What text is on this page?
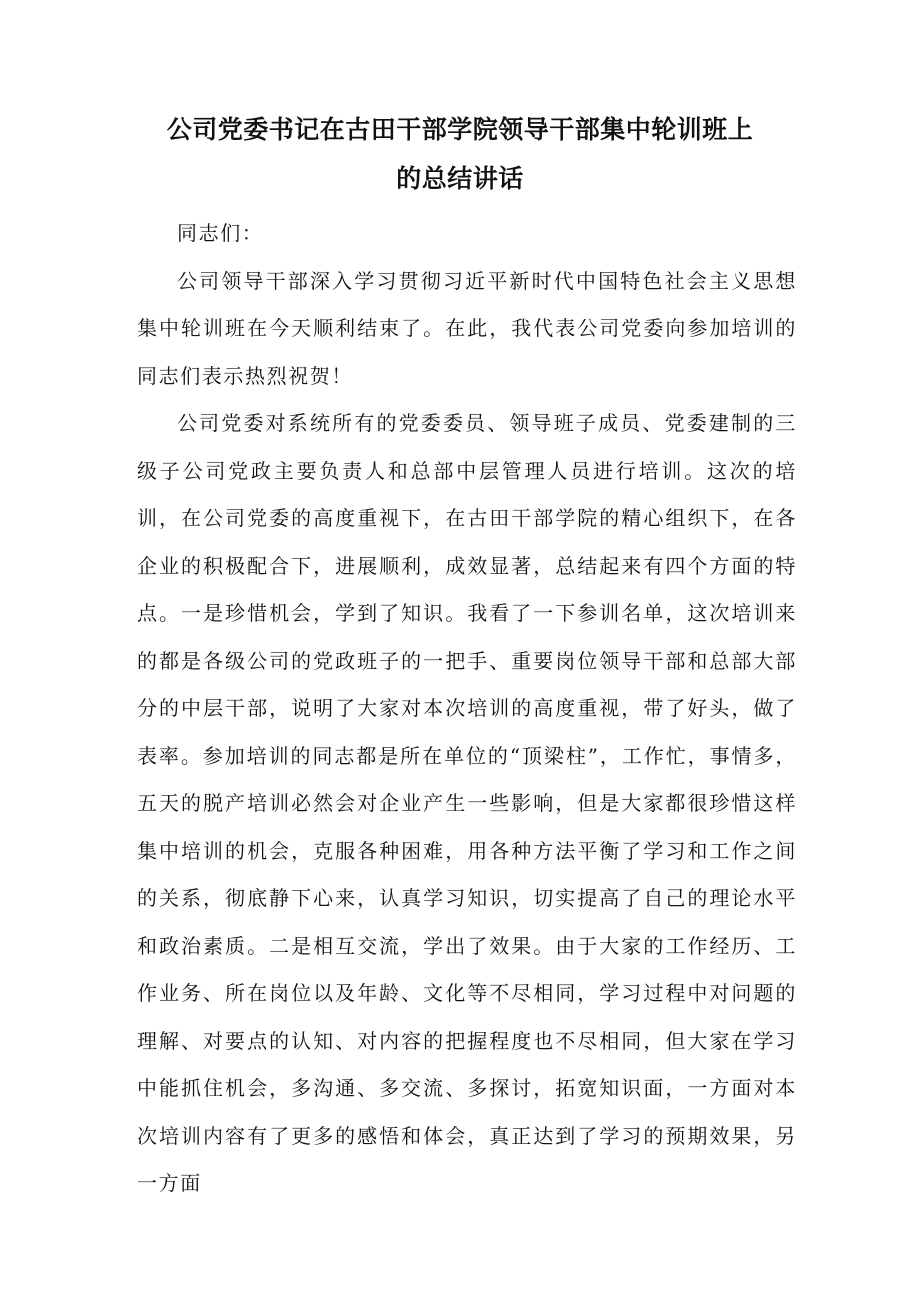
公司党委书记在古田干部学院领导干部集中轮训班上
的总结讲话

同志们：

公司领导干部深入学习贯彻习近平新时代中国特色社会主义思想集中轮训班在今天顺利结束了。在此，我代表公司党委向参加培训的同志们表示热烈祝贺！

公司党委对系统所有的党委委员、领导班子成员、党委建制的三级子公司党政主要负责人和总部中层管理人员进行培训。这次的培训，在公司党委的高度重视下，在古田干部学院的精心组织下，在各企业的积极配合下，进展顺利，成效显著，总结起来有四个方面的特点。一是珍惜机会，学到了知识。我看了一下参训名单，这次培训来的都是各级公司的党政班子的一把手、重要岗位领导干部和总部大部分的中层干部，说明了大家对本次培训的高度重视，带了好头，做了表率。参加培训的同志都是所在单位的“顶梁柱”，工作忙，事情多，五天的脱产培训必然会对企业产生一些影响，但是大家都很珍惜这样集中培训的机会，克服各种困难，用各种方法平衡了学习和工作之间的关系，彻底静下心来，认真学习知识，切实提高了自己的理论水平和政治素质。二是相互交流，学出了效果。由于大家的工作经历、工作业务、所在岗位以及年龄、文化等不尽相同，学习过程中对问题的理解、对要点的认知、对内容的把握程度也不尽相同，但大家在学习中能抓住机会，多沟通、多交流、多探讨，拓宽知识面，一方面对本次培训内容有了更多的感悟和体会，真正达到了学习的预期效果，另一方面
